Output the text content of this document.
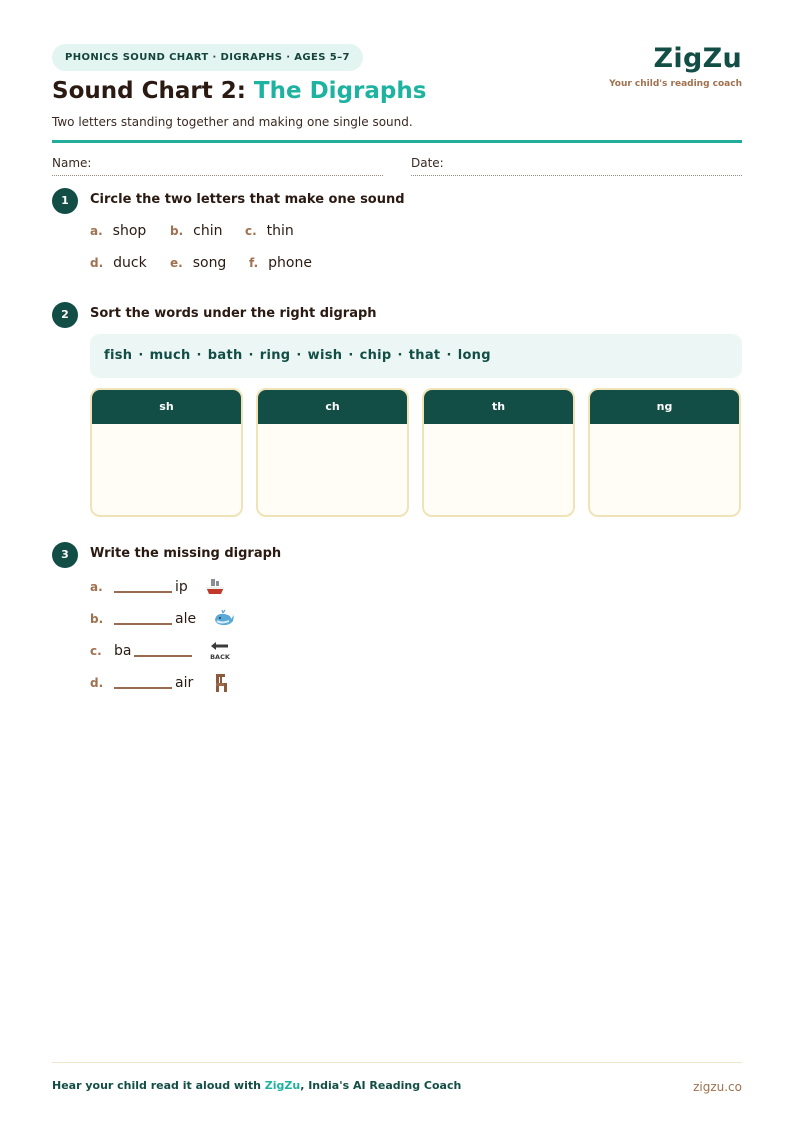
PHONICS SOUND CHART · DIGRAPHS · AGES 5–7
Sound Chart 2: The Digraphs
Two letters standing together and making one single sound.
ZigZu
Your child's reading coach
Name:	Date:
1	Circle the two letters that make one sound
a. shop b. chin c. thin
d. duck e. song f. phone
2	Sort the words under the right digraph
fish · much · bath · ring · wish · chip · that · long
sh	ch	th	ng
3	Write the missing digraph
a.	ip
b.	ale
c. ba	BACK
d.	air
Hear your child read it aloud with ZigZu, India's AI Reading Coach	zigzu.co
